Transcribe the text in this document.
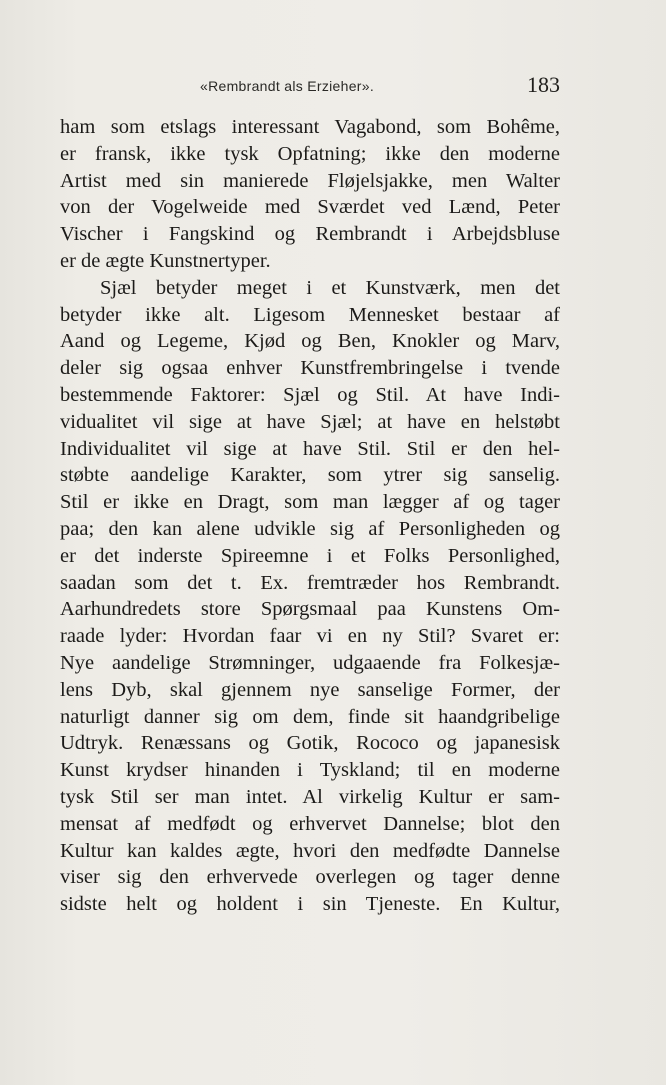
«Rembrandt als Erzieher».	183
ham som etslags interessant Vagabond, som Bohême,
er fransk, ikke tysk Opfatning; ikke den moderne
Artist med sin manierede Fløjelsjakke, men Walter
von der Vogelweide med Sværdet ved Lænd, Peter
Vischer i Fangskind og Rembrandt i Arbejdsbluse
er de ægte Kunstnertyper.
Sjæl betyder meget i et Kunstværk, men det
betyder ikke alt. Ligesom Mennesket bestaar af
Aand og Legeme, Kjød og Ben, Knokler og Marv,
deler sig ogsaa enhver Kunstfrembringelse i tvende
bestemmende Faktorer: Sjæl og Stil. At have Indi-
vidualitet vil sige at have Sjæl; at have en helstøbt
Individualitet vil sige at have Stil. Stil er den hel-
støbte aandelige Karakter, som ytrer sig sanselig.
Stil er ikke en Dragt, som man lægger af og tager
paa; den kan alene udvikle sig af Personligheden og
er det inderste Spireemne i et Folks Personlighed,
saadan som det t. Ex. fremtræder hos Rembrandt.
Aarhundredets store Spørgsmaal paa Kunstens Om-
raade lyder: Hvordan faar vi en ny Stil? Svaret er:
Nye aandelige Strømninger, udgaaende fra Folkesjæ-
lens Dyb, skal gjennem nye sanselige Former, der
naturligt danner sig om dem, finde sit haandgribelige
Udtryk. Renæssans og Gotik, Rococo og japanesisk
Kunst krydser hinanden i Tyskland; til en moderne
tysk Stil ser man intet. Al virkelig Kultur er sam-
mensat af medfødt og erhvervet Dannelse; blot den
Kultur kan kaldes ægte, hvori den medfødte Dannelse
viser sig den erhvervede overlegen og tager denne
sidste helt og holdent i sin Tjeneste. En Kultur,
